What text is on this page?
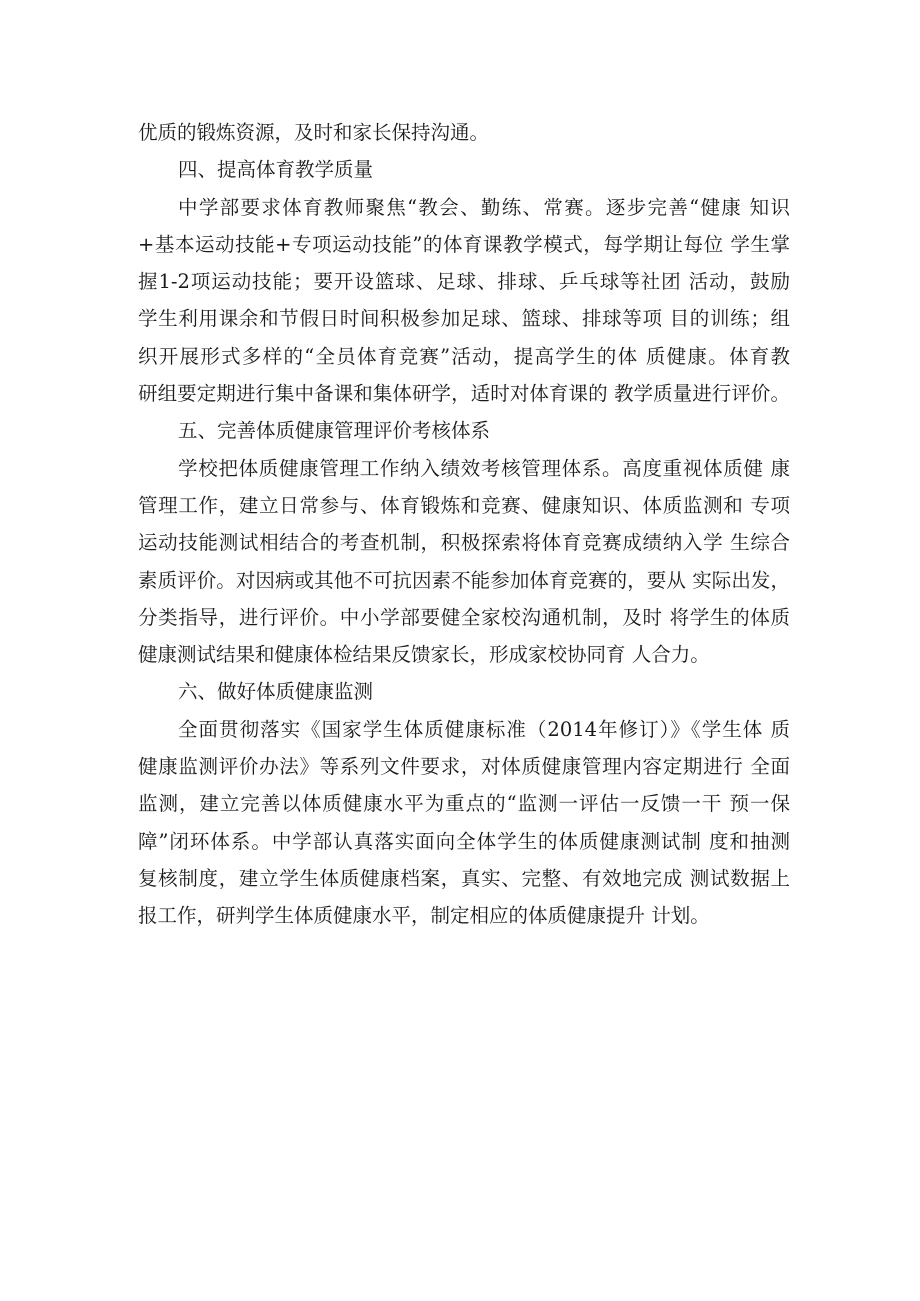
优质的锻炼资源，及时和家长保持沟通。
四、提高体育教学质量
中学部要求体育教师聚焦“教会、勤练、常赛。逐步完善“健康 知识
+基本运动技能+专项运动技能”的体育课教学模式，每学期让每位 学生掌
握1-2项运动技能；要开设篮球、足球、排球、乒乓球等社团 活动，鼓励
学生利用课余和节假日时间积极参加足球、篮球、排球等项 目的训练；组
织开展形式多样的“全员体育竞赛”活动，提高学生的体 质健康。体育教
研组要定期进行集中备课和集体研学，适时对体育课的 教学质量进行评价。
五、完善体质健康管理评价考核体系
学校把体质健康管理工作纳入绩效考核管理体系。高度重视体质健 康
管理工作，建立日常参与、体育锻炼和竞赛、健康知识、体质监测和 专项
运动技能测试相结合的考查机制，积极探索将体育竞赛成绩纳入学 生综合
素质评价。对因病或其他不可抗因素不能参加体育竞赛的，要从 实际出发，
分类指导，进行评价。中小学部要健全家校沟通机制，及时 将学生的体质
健康测试结果和健康体检结果反馈家长，形成家校协同育 人合力。
六、做好体质健康监测
全面贯彻落实《国家学生体质健康标准（2014年修订）》《学生体 质
健康监测评价办法》等系列文件要求，对体质健康管理内容定期进行 全面
监测，建立完善以体质健康水平为重点的“监测一评估一反馈一干 预一保
障”闭环体系。中学部认真落实面向全体学生的体质健康测试制 度和抽测
复核制度，建立学生体质健康档案，真实、完整、有效地完成 测试数据上
报工作，研判学生体质健康水平，制定相应的体质健康提升 计划。
